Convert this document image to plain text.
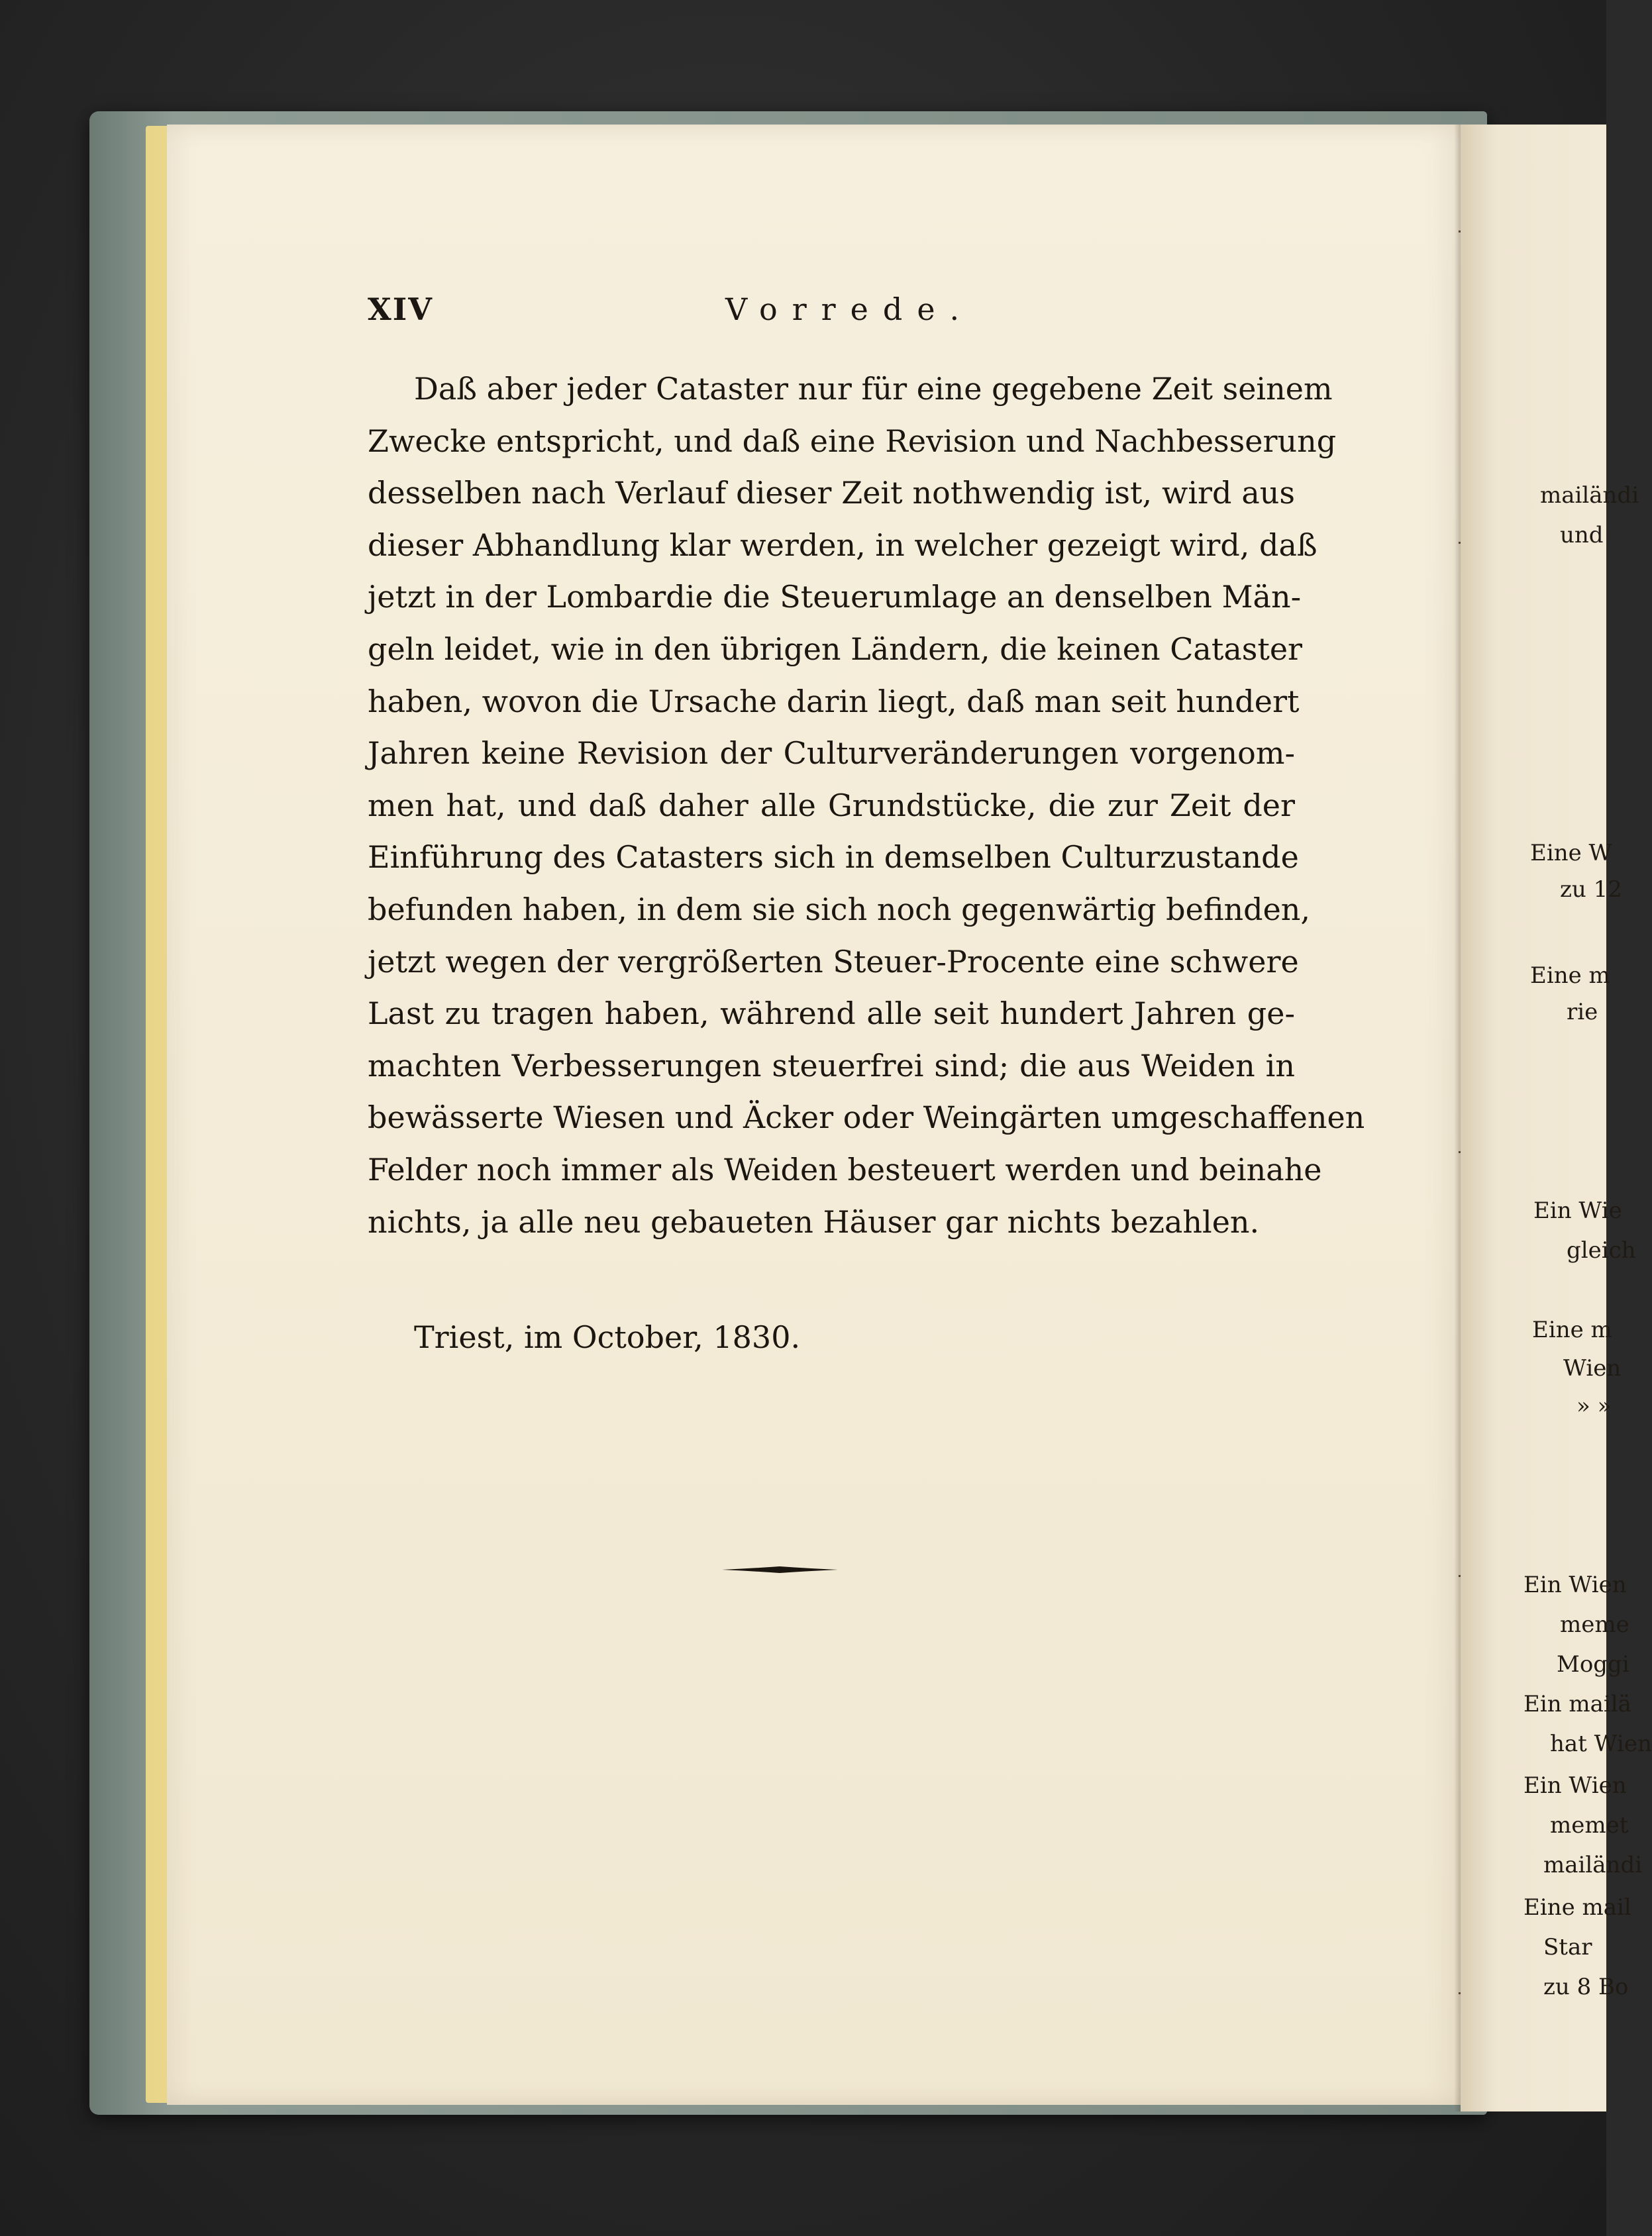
mailändi
und
Eine W
zu 12
Eine m
rie
Ein Wie
gleich
Eine m
Wien
» »
Ein Wien
meme
Moggi
Ein mailä
hat Wien
Ein Wien
memet
mailändi
Eine mail
Star
zu 8 Bo
XIV	Vorrede.
Daß aber jeder Cataster nur für eine gegebene Zeit seinem
Zwecke entspricht, und daß eine Revision und Nachbesserung
desselben nach Verlauf dieser Zeit nothwendig ist, wird aus
dieser Abhandlung klar werden, in welcher gezeigt wird, daß
jetzt in der Lombardie die Steuerumlage an denselben Män-
geln leidet, wie in den übrigen Ländern, die keinen Cataster
haben, wovon die Ursache darin liegt, daß man seit hundert
Jahren keine Revision der Culturveränderungen vorgenom-
men hat, und daß daher alle Grundstücke, die zur Zeit der
Einführung des Catasters sich in demselben Culturzustande
befunden haben, in dem sie sich noch gegenwärtig befinden,
jetzt wegen der vergrößerten Steuer-Procente eine schwere
Last zu tragen haben, während alle seit hundert Jahren ge-
machten Verbesserungen steuerfrei sind; die aus Weiden in
bewässerte Wiesen und Äcker oder Weingärten umgeschaffenen
Felder noch immer als Weiden besteuert werden und beinahe
nichts, ja alle neu gebaueten Häuser gar nichts bezahlen.
Triest, im October, 1830.
